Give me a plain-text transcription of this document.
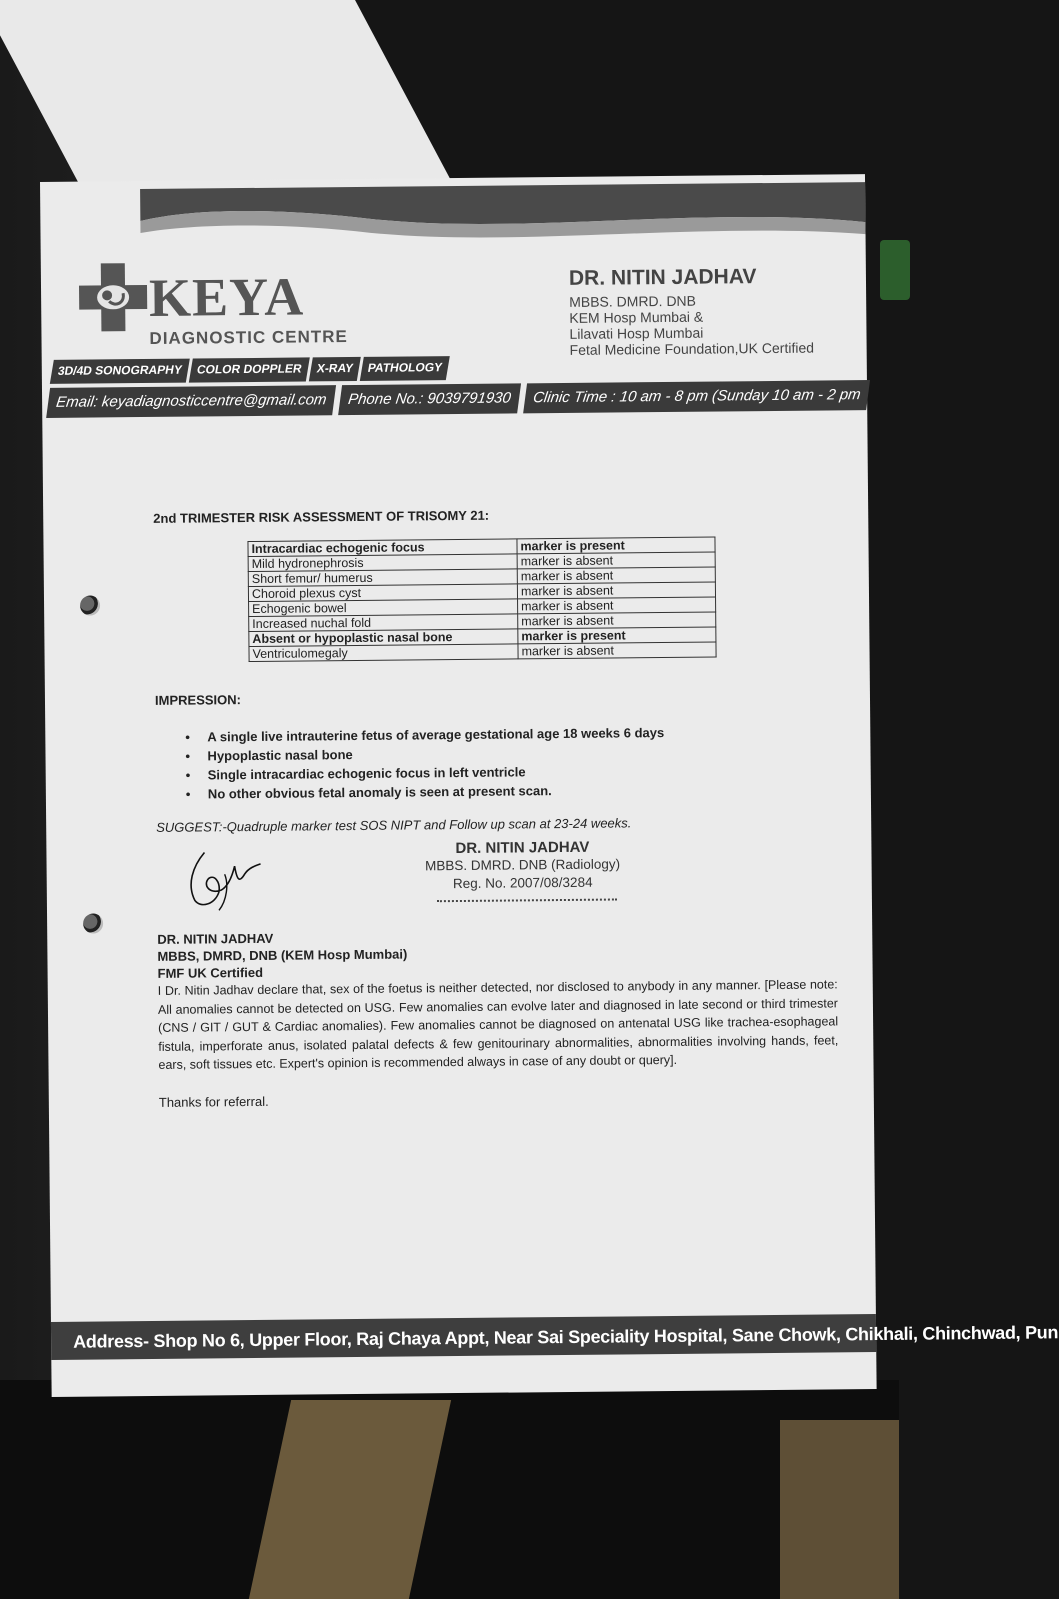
KEYA
DIAGNOSTIC CENTRE
DR. NITIN JADHAV
MBBS. DMRD. DNB
KEM Hosp Mumbai &
Lilavati Hosp Mumbai
Fetal Medicine Foundation,UK Certified
3D/4D SONOGRAPHY	COLOR DOPPLER	X-RAY	PATHOLOGY
Email: keyadiagnosticcentre@gmail.com	Phone No.: 9039791930	Clinic Time : 10 am - 8 pm (Sunday 10 am - 2 pm
2nd TRIMESTER RISK ASSESSMENT OF TRISOMY 21:
Intracardiac echogenic focus	marker is present
Mild hydronephrosis	marker is absent
Short femur/ humerus	marker is absent
Choroid plexus cyst	marker is absent
Echogenic bowel	marker is absent
Increased nuchal fold	marker is absent
Absent or hypoplastic nasal bone	marker is present
Ventriculomegaly	marker is absent
IMPRESSION:
• A single live intrauterine fetus of average gestational age 18 weeks 6 days
• Hypoplastic nasal bone
• Single intracardiac echogenic focus in left ventricle
• No other obvious fetal anomaly is seen at present scan.
SUGGEST:-Quadruple marker test SOS NIPT and Follow up scan at 23-24 weeks.
DR. NITIN JADHAV
MBBS. DMRD. DNB (Radiology)
Reg. No. 2007/08/3284
DR. NITIN JADHAV
MBBS, DMRD, DNB (KEM Hosp Mumbai)
FMF UK Certified
I Dr. Nitin Jadhav declare that, sex of the foetus is neither detected, nor disclosed to anybody in any manner. [Please note: All anomalies cannot be detected on USG. Few anomalies can evolve later and diagnosed in late second or third trimester (CNS / GIT / GUT & Cardiac anomalies). Few anomalies cannot be diagnosed on antenatal USG like trachea-esophageal fistula, imperforate anus, isolated palatal defects & few genitourinary abnormalities, abnormalities involving hands, feet, ears, soft tissues etc. Expert's opinion is recommended always in case of any doubt or query].
Thanks for referral.
Address- Shop No 6, Upper Floor, Raj Chaya Appt, Near Sai Speciality Hospital, Sane Chowk, Chikhali, Chinchwad, Pun
